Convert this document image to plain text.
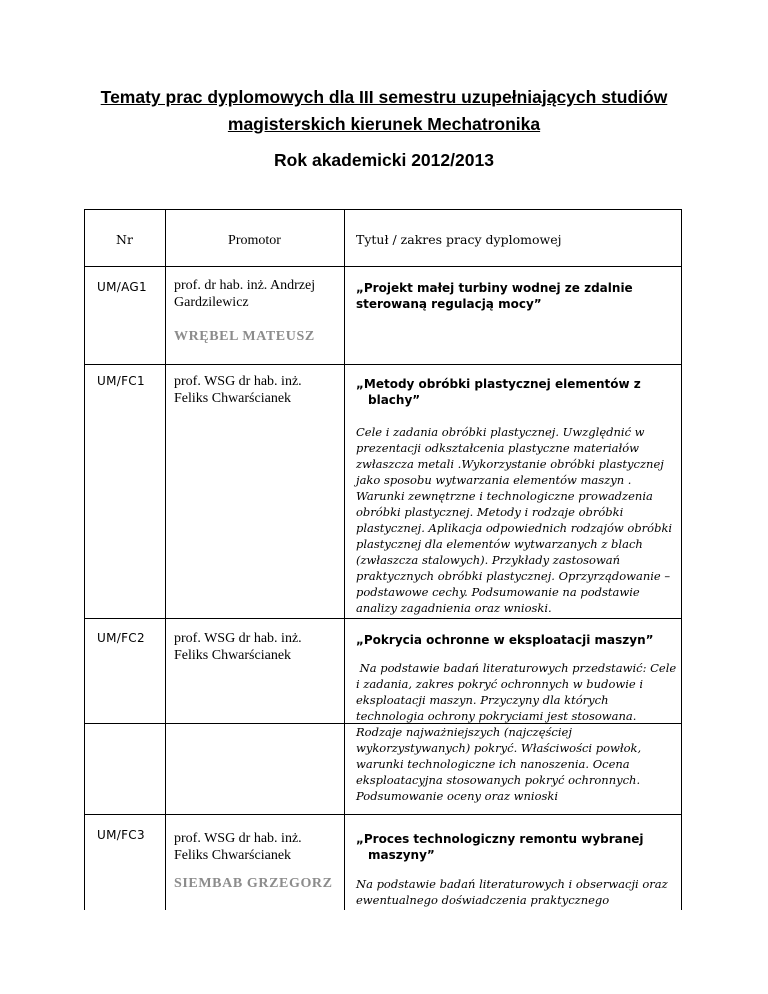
Tematy prac dyplomowych dla III semestru uzupełniających studiów
magisterskich kierunek Mechatronika
Rok akademicki 2012/2013
Nr	Promotor	Tytuł / zakres pracy dyplomowej
UM/AG1 prof. dr hab. inż. Andrzej Gardzilewicz
„Projekt małej turbiny wodnej ze zdalnie sterowaną regulacją mocy”
WRĘBEL MATEUSZ
UM/FC1 prof. WSG dr hab. inż. Feliks Chwarścianek
„Metody obróbki plastycznej elementów z blachy”
Cele i zadania obróbki plastycznej. Uwzględnić w prezentacji odkształcenia plastyczne materiałów zwłaszcza metali .Wykorzystanie obróbki plastycznej jako sposobu wytwarzania elementów maszyn . Warunki zewnętrzne i technologiczne prowadzenia obróbki plastycznej. Metody i rodzaje obróbki plastycznej. Aplikacja odpowiednich rodzajów obróbki plastycznej dla elementów wytwarzanych z blach (zwłaszcza stalowych). Przykłady zastosowań praktycznych obróbki plastycznej. Oprzyrządowanie – podstawowe cechy. Podsumowanie na podstawie analizy zagadnienia oraz wnioski.
UM/FC2 prof. WSG dr hab. inż. Feliks Chwarścianek
„Pokrycia ochronne w eksploatacji maszyn”
Na podstawie badań literaturowych przedstawić: Cele i zadania, zakres pokryć ochronnych w budowie i eksploatacji maszyn. Przyczyny dla których technologia ochrony pokryciami jest stosowana. Rodzaje najważniejszych (najczęściej wykorzystywanych) pokryć. Właściwości powłok, warunki technologiczne ich nanoszenia. Ocena eksploatacyjna stosowanych pokryć ochronnych. Podsumowanie oceny oraz wnioski
UM/FC3 prof. WSG dr hab. inż. Feliks Chwarścianek
„Proces technologiczny remontu wybranej maszyny”
SIEMBAB GRZEGORZ Na podstawie badań literaturowych i obserwacji oraz ewentualnego doświadczenia praktycznego
